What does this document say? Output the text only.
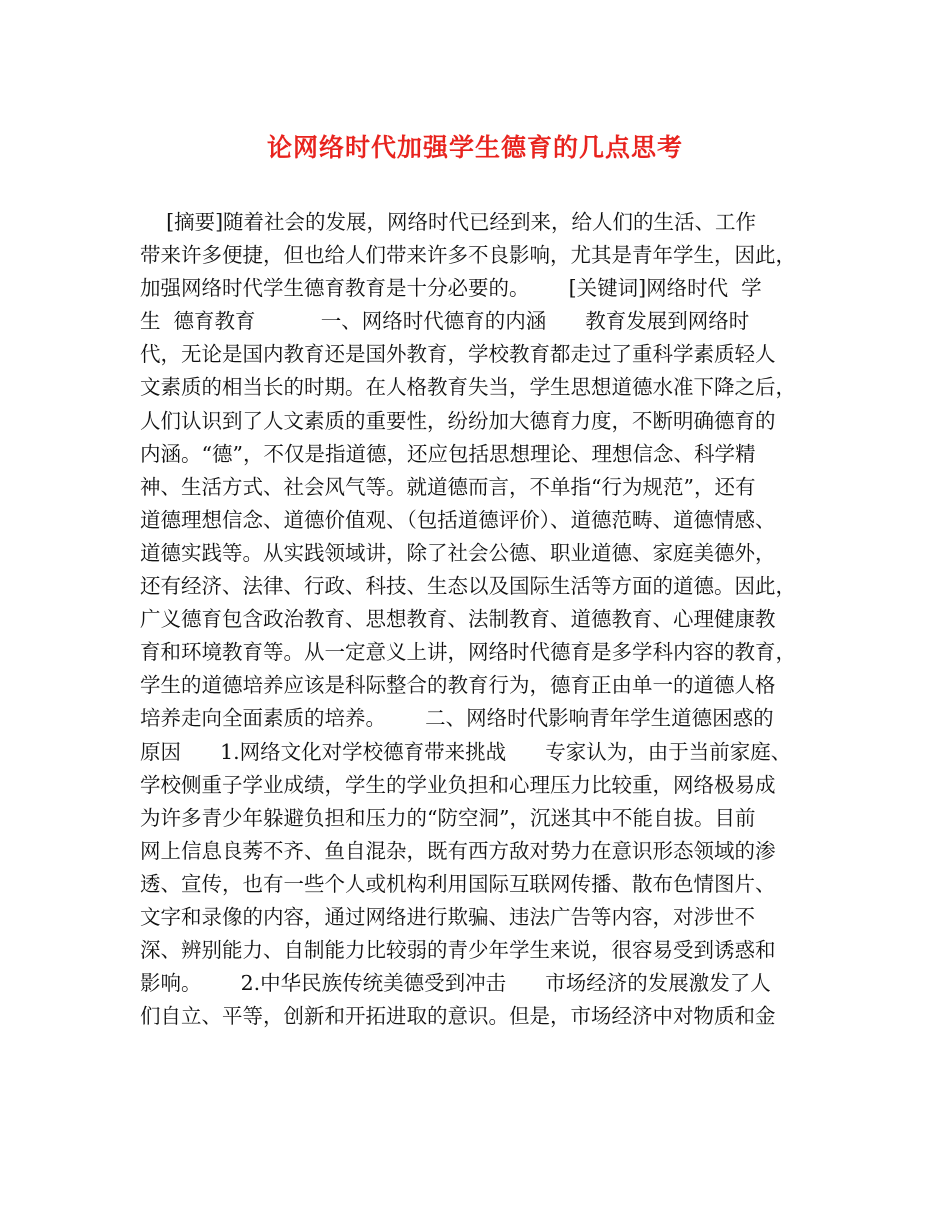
论网络时代加强学生德育的几点思考
[摘要]随着社会的发展，网络时代已经到来，给人们的生活、工作
带来许多便捷，但也给人们带来许多不良影响，尤其是青年学生，因此，
加强网络时代学生德育教育是十分必要的。      [关键词]网络时代  学
生  德育教育          一、网络时代德育的内涵      教育发展到网络时
代，无论是国内教育还是国外教育，学校教育都走过了重科学素质轻人
文素质的相当长的时期。在人格教育失当，学生思想道德水准下降之后，
人们认识到了人文素质的重要性，纷纷加大德育力度，不断明确德育的
内涵。“德”，不仅是指道德，还应包括思想理论、理想信念、科学精
神、生活方式、社会风气等。就道德而言，不单指“行为规范”，还有
道德理想信念、道德价值观、（包括道德评价）、道德范畴、道德情感、
道德实践等。从实践领域讲，除了社会公德、职业道德、家庭美德外，
还有经济、法律、行政、科技、生态以及国际生活等方面的道德。因此，
广义德育包含政治教育、思想教育、法制教育、道德教育、心理健康教
育和环境教育等。从一定意义上讲，网络时代德育是多学科内容的教育，
学生的道德培养应该是科际整合的教育行为，德育正由单一的道德人格
培养走向全面素质的培养。      二、网络时代影响青年学生道德困惑的
原因      1.网络文化对学校德育带来挑战      专家认为，由于当前家庭、
学校侧重子学业成绩，学生的学业负担和心理压力比较重，网络极易成
为许多青少年躲避负担和压力的“防空洞”，沉迷其中不能自拔。目前
网上信息良莠不齐、鱼自混杂，既有西方敌对势力在意识形态领域的渗
透、宣传，也有一些个人或机构利用国际互联网传播、散布色情图片、
文字和录像的内容，通过网络进行欺骗、违法广告等内容，对涉世不
深、辨别能力、自制能力比较弱的青少年学生来说，很容易受到诱惑和
影响。      2.中华民族传统美德受到冲击      市场经济的发展激发了人
们自立、平等，创新和开拓进取的意识。但是，市场经济中对物质和金
